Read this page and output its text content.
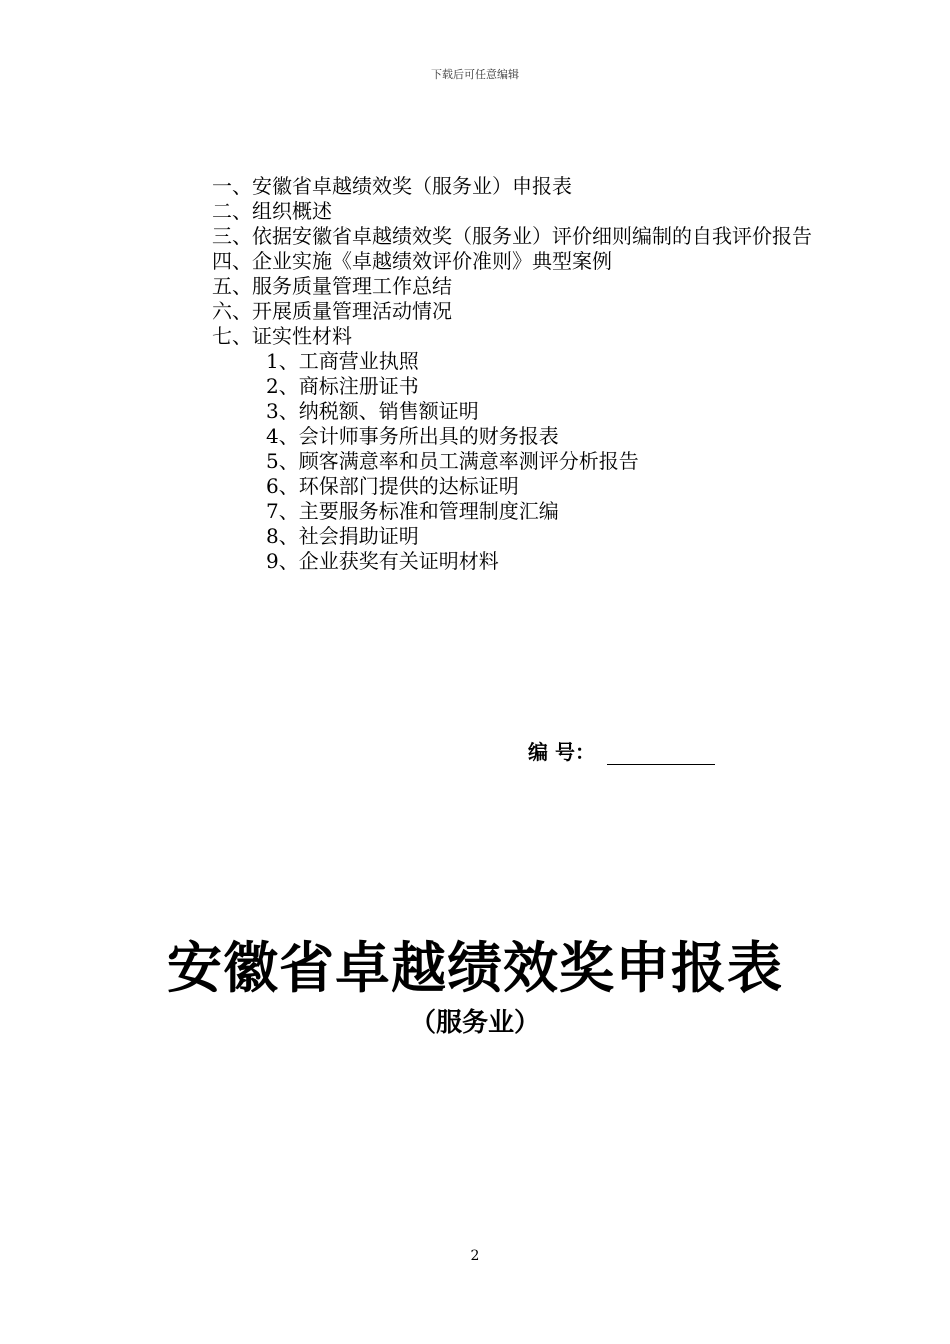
下载后可任意编辑
一、安徽省卓越绩效奖（服务业）申报表
二、组织概述
三、依据安徽省卓越绩效奖（服务业）评价细则编制的自我评价报告
四、企业实施《卓越绩效评价准则》典型案例
五、服务质量管理工作总结
六、开展质量管理活动情况
七、证实性材料
1、工商营业执照
2、商标注册证书
3、纳税额、销售额证明
4、会计师事务所出具的财务报表
5、顾客满意率和员工满意率测评分析报告
6、环保部门提供的达标证明
7、主要服务标准和管理制度汇编
8、社会捐助证明
9、企业获奖有关证明材料
编 号：
安徽省卓越绩效奖申报表
（服务业）
2
